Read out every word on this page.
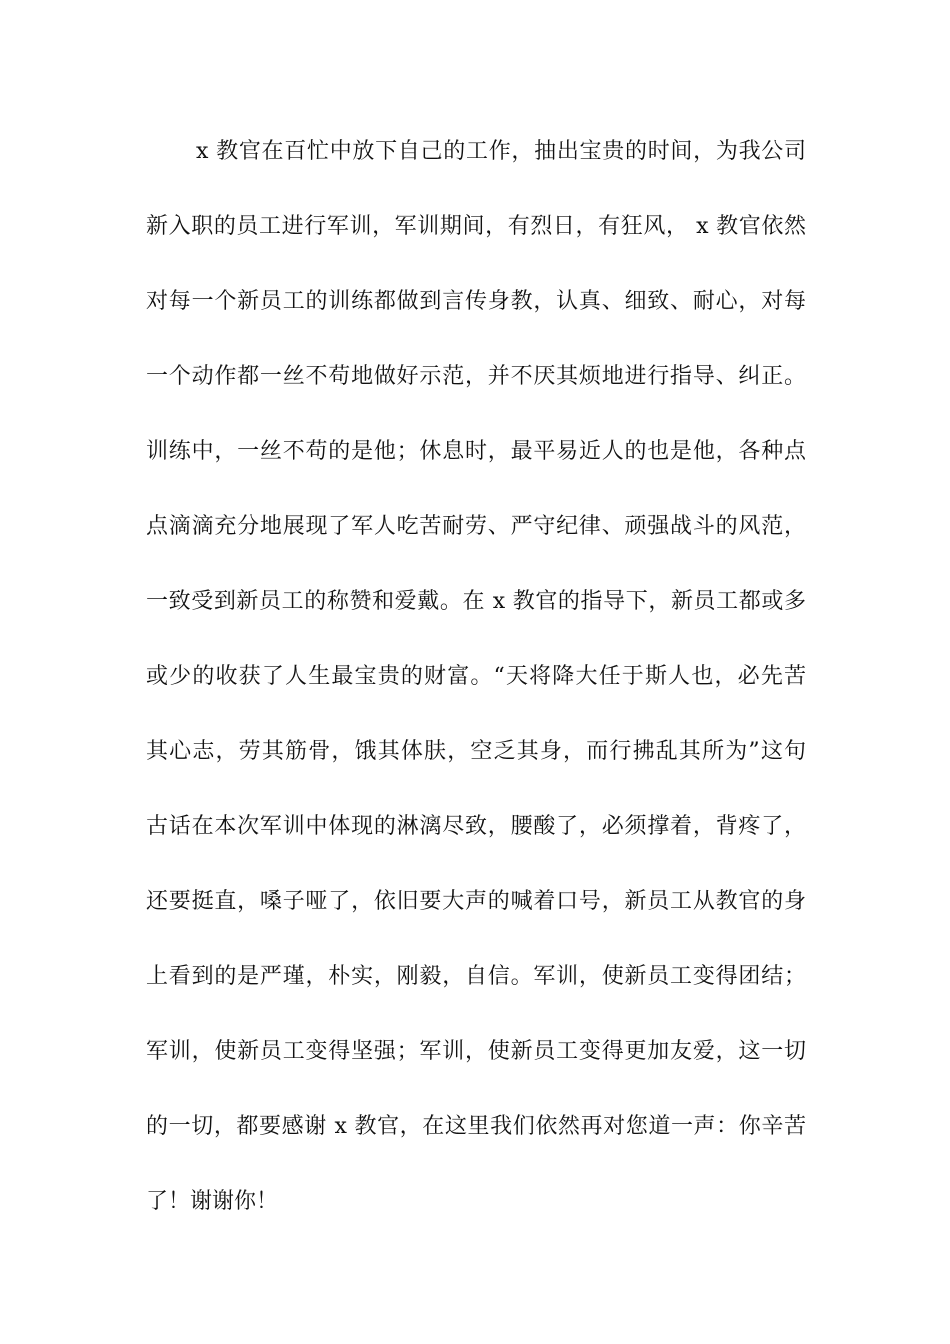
x 教官在百忙中放下自己的工作，抽出宝贵的时间，为我公司
新入职的员工进行军训，军训期间，有烈日，有狂风， x 教官依然
对每一个新员工的训练都做到言传身教，认真、细致、耐心，对每
一个动作都一丝不苟地做好示范，并不厌其烦地进行指导、纠正。
训练中，一丝不苟的是他；休息时，最平易近人的也是他，各种点
点滴滴充分地展现了军人吃苦耐劳、严守纪律、顽强战斗的风范，
一致受到新员工的称赞和爱戴。在 x 教官的指导下，新员工都或多
或少的收获了人生最宝贵的财富。“天将降大任于斯人也，必先苦
其心志，劳其筋骨，饿其体肤，空乏其身，而行拂乱其所为”这句
古话在本次军训中体现的淋漓尽致，腰酸了，必须撑着，背疼了，
还要挺直，嗓子哑了，依旧要大声的喊着口号，新员工从教官的身
上看到的是严瑾，朴实，刚毅，自信。军训，使新员工变得团结；
军训，使新员工变得坚强；军训，使新员工变得更加友爱，这一切
的一切，都要感谢 x 教官，在这里我们依然再对您道一声：你辛苦
了！谢谢你！
